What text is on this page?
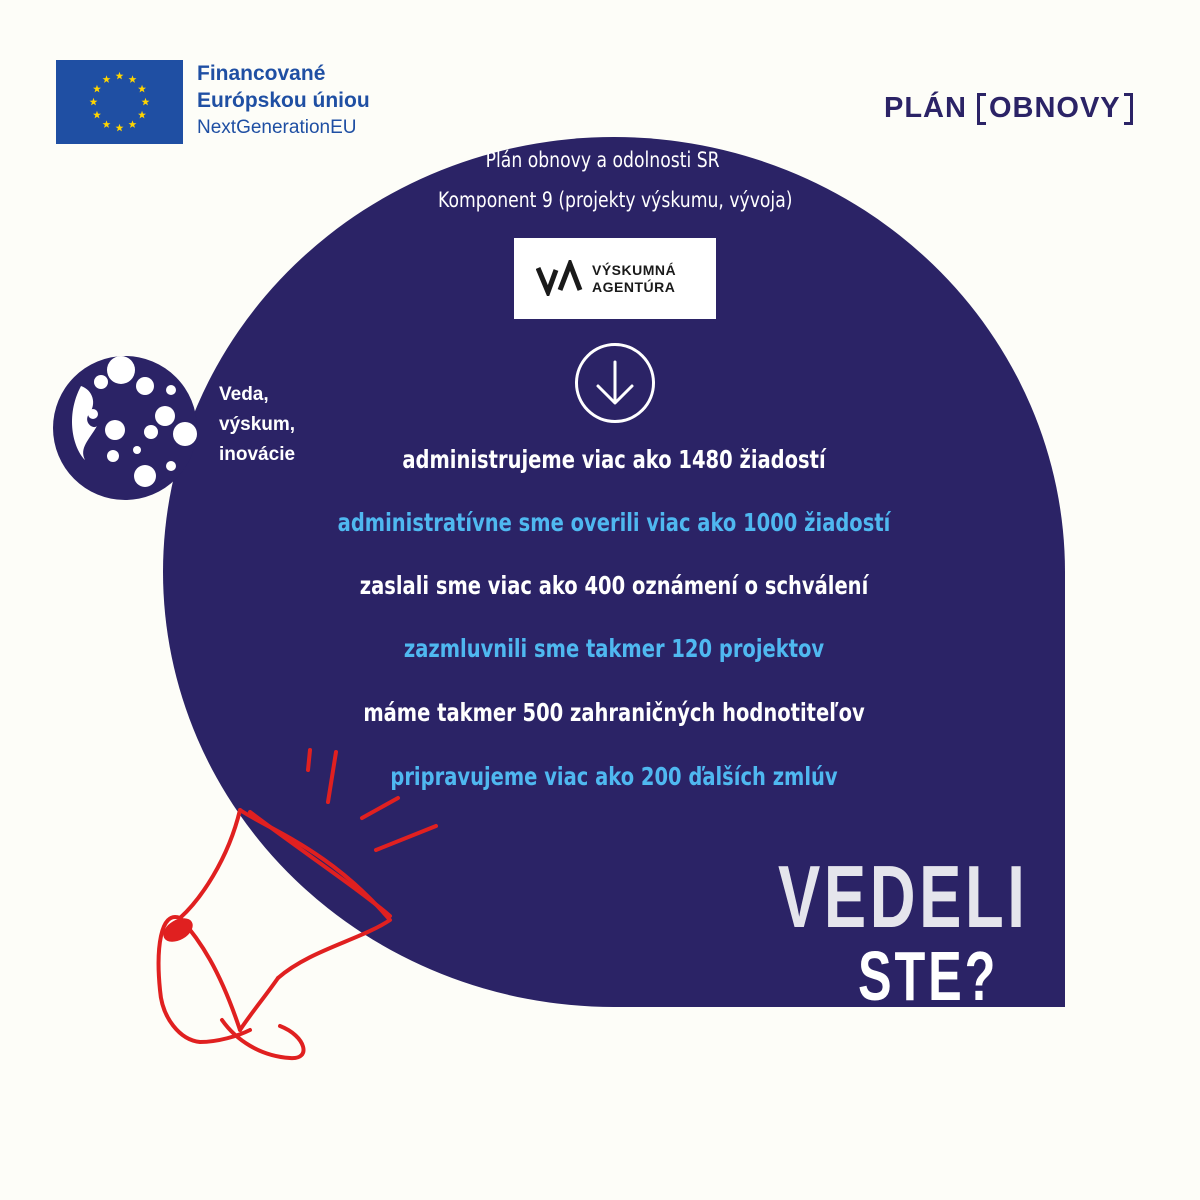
Financované
Európskou úniou
NextGenerationEU
PLÁN OBNOVY
Plán obnovy a odolnosti SR
Komponent 9 (projekty výskumu, vývoja)
VÝSKUMNÁ
AGENTÚRA
administrujeme viac ako 1480 žiadostí
administratívne sme overili viac ako 1000 žiadostí
zaslali sme viac ako 400 oznámení o schválení
zazmluvnili sme takmer 120 projektov
máme takmer 500 zahraničných hodnotiteľov
pripravujeme viac ako 200 ďalších zmlúv
Veda,
výskum,
inovácie
VEDELI
STE?
